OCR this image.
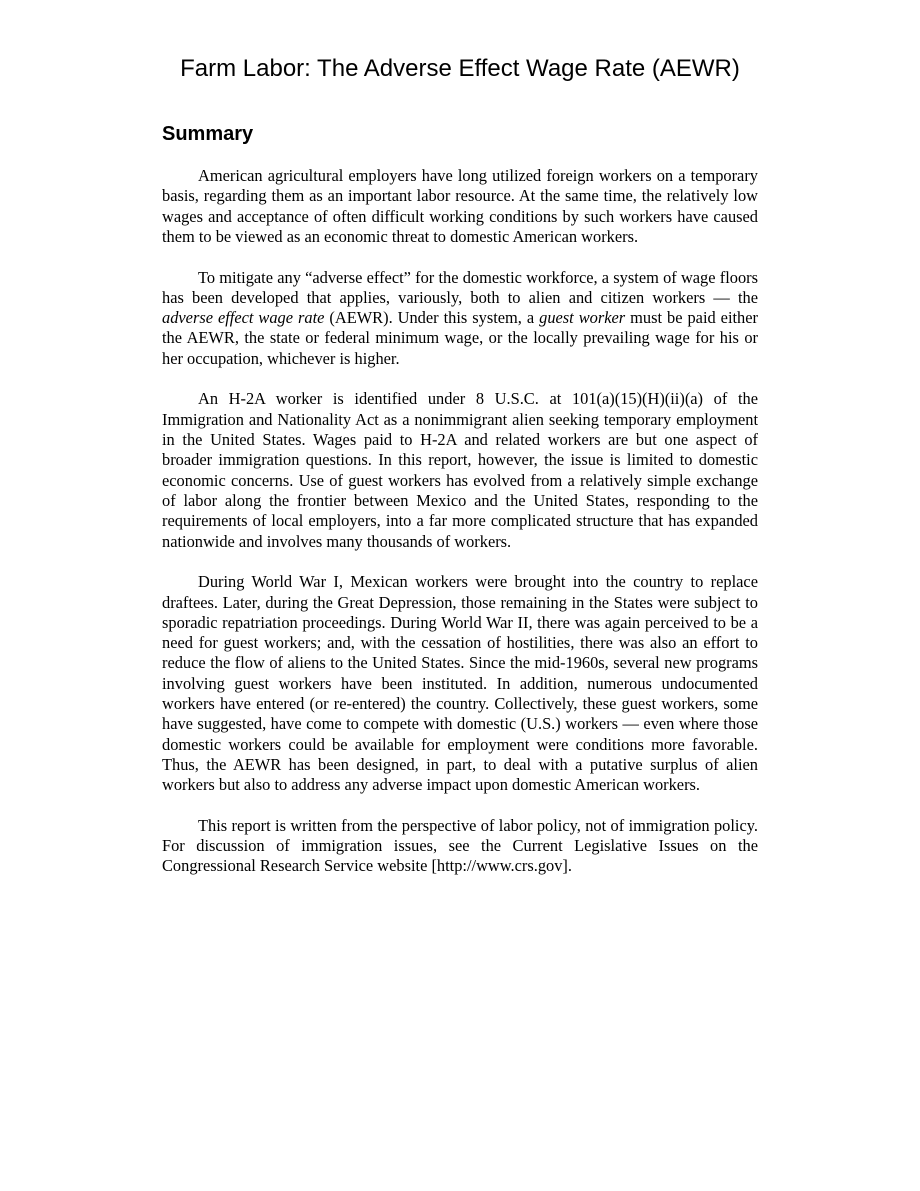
Farm Labor: The Adverse Effect Wage Rate (AEWR)
Summary

American agricultural employers have long utilized foreign workers on a temporary basis, regarding them as an important labor resource. At the same time, the relatively low wages and acceptance of often difficult working conditions by such workers have caused them to be viewed as an economic threat to domestic American workers.

To mitigate any “adverse effect” for the domestic workforce, a system of wage floors has been developed that applies, variously, both to alien and citizen workers — the adverse effect wage rate (AEWR). Under this system, a guest worker must be paid either the AEWR, the state or federal minimum wage, or the locally prevailing wage for his or her occupation, whichever is higher.

An H-2A worker is identified under 8 U.S.C. at 101(a)(15)(H)(ii)(a) of the Immigration and Nationality Act as a nonimmigrant alien seeking temporary employment in the United States. Wages paid to H-2A and related workers are but one aspect of broader immigration questions. In this report, however, the issue is limited to domestic economic concerns. Use of guest workers has evolved from a relatively simple exchange of labor along the frontier between Mexico and the United States, responding to the requirements of local employers, into a far more complicated structure that has expanded nationwide and involves many thousands of workers.

During World War I, Mexican workers were brought into the country to replace draftees. Later, during the Great Depression, those remaining in the States were subject to sporadic repatriation proceedings. During World War II, there was again perceived to be a need for guest workers; and, with the cessation of hostilities, there was also an effort to reduce the flow of aliens to the United States. Since the mid-1960s, several new programs involving guest workers have been instituted. In addition, numerous undocumented workers have entered (or re-entered) the country. Collectively, these guest workers, some have suggested, have come to compete with domestic (U.S.) workers — even where those domestic workers could be available for employment were conditions more favorable. Thus, the AEWR has been designed, in part, to deal with a putative surplus of alien workers but also to address any adverse impact upon domestic American workers.

This report is written from the perspective of labor policy, not of immigration policy. For discussion of immigration issues, see the Current Legislative Issues on the Congressional Research Service website [http://www.crs.gov].
